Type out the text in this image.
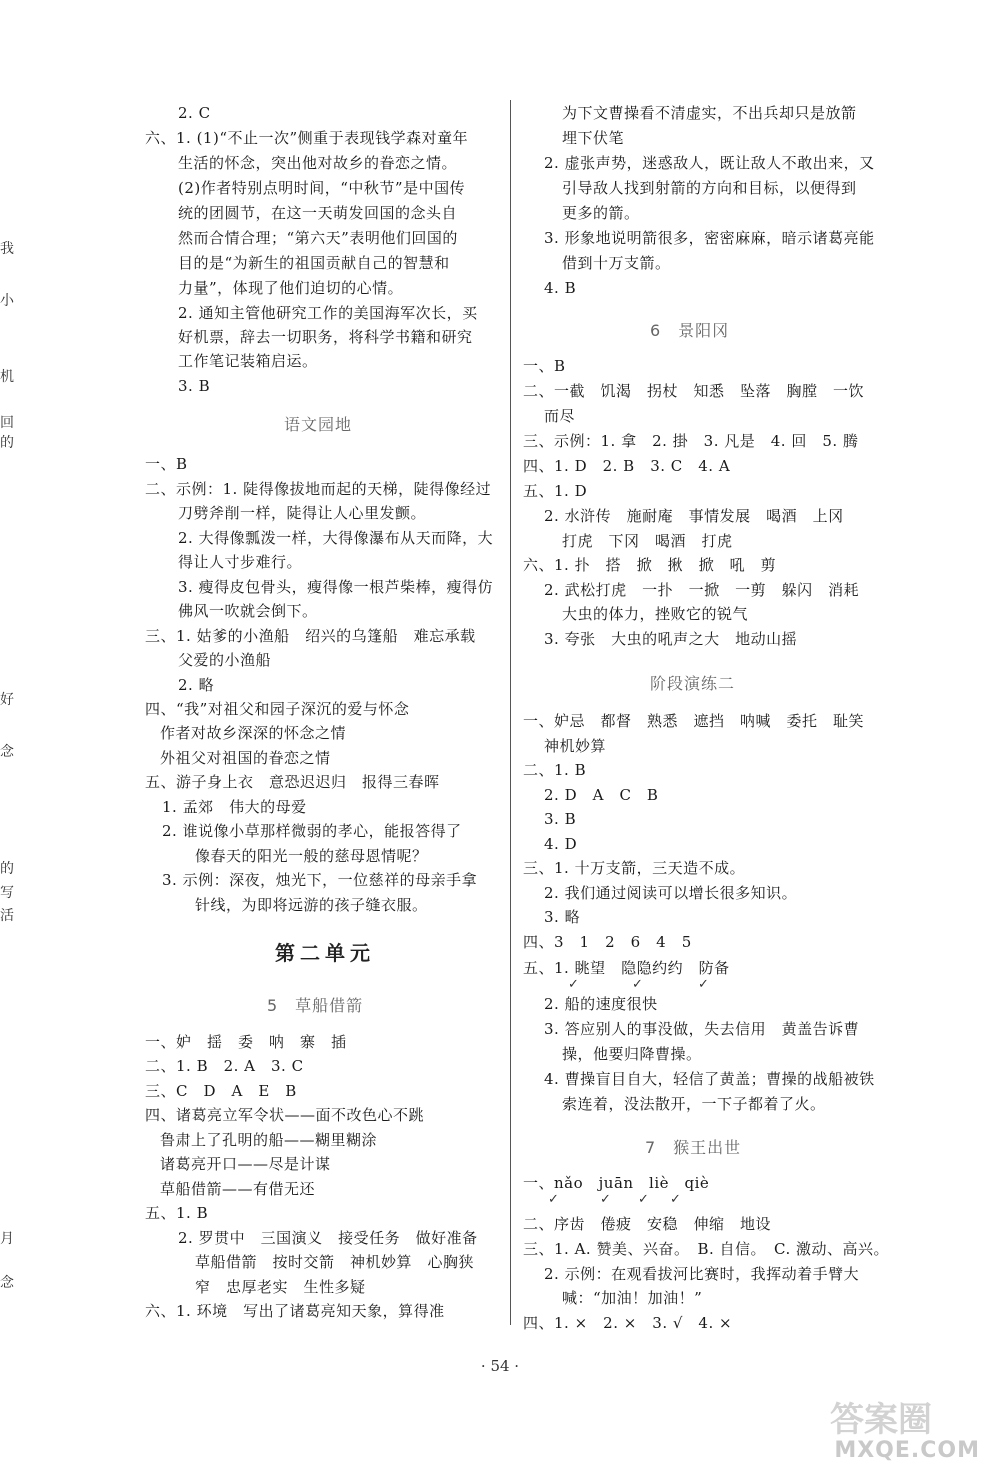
我
小
机
回
的
好
念
的
写
活
月
念
2. C
六、1. (1)“不止一次”侧重于表现钱学森对童年
生活的怀念，突出他对故乡的眷恋之情。
(2)作者特别点明时间，“中秋节”是中国传
统的团圆节，在这一天萌发回国的念头自
然而合情合理；“第六天”表明他们回国的
目的是“为新生的祖国贡献自己的智慧和
力量”，体现了他们迫切的心情。
2. 通知主管他研究工作的美国海军次长，买
好机票，辞去一切职务，将科学书籍和研究
工作笔记装箱启运。
3. B
一、B
二、示例：1. 陡得像拔地而起的天梯，陡得像经过
刀劈斧削一样，陡得让人心里发颤。
2. 大得像瓢泼一样，大得像瀑布从天而降，大
得让人寸步难行。
3. 瘦得皮包骨头，瘦得像一根芦柴棒，瘦得仿
佛风一吹就会倒下。
三、1. 姑爹的小渔船　绍兴的乌篷船　难忘承载
父爱的小渔船
2. 略
四、“我”对祖父和园子深沉的爱与怀念
作者对故乡深深的怀念之情
外祖父对祖国的眷恋之情
五、游子身上衣　意恐迟迟归　报得三春晖
1. 孟郊　伟大的母爱
2. 谁说像小草那样微弱的孝心，能报答得了
像春天的阳光一般的慈母恩情呢？
3. 示例：深夜，烛光下，一位慈祥的母亲手拿
针线，为即将远游的孩子缝衣服。
一、妒　揺　委　呐　寨　插
二、1. B　2. A　3. C
三、C　D　A　E　B
四、诸葛亮立军令状——面不改色心不跳
鲁肃上了孔明的船——糊里糊涂
诸葛亮开口——尽是计谋
草船借箭——有借无还
五、1. B
2. 罗贯中　三国演义　接受任务　做好准备
草船借箭　按时交箭　神机妙算　心胸狭
窄　忠厚老实　生性多疑
六、1. 环境　写出了诸葛亮知天象，算得准
语文园地
5　草船借箭
为下文曹操看不清虚实，不出兵却只是放箭
埋下伏笔
2. 虚张声势，迷惑敌人，既让敌人不敢出来，又
引导敌人找到射箭的方向和目标，以便得到
更多的箭。
3. 形象地说明箭很多，密密麻麻，暗示诸葛亮能
借到十万支箭。
4. B
一、B
二、一截　饥渴　拐杖　知悉　坠落　胸膛　一饮
而尽
三、示例：1. 拿　2. 掛　3. 凡是　4. 回　5. 腾
四、1. D　2. B　3. C　4. A
五、1. D
2. 水浒传　施耐庵　事情发展　喝酒　上冈
打虎　下冈　喝酒　打虎
六、1. 扑　搭　掀　揪　掀　吼　剪
2. 武松打虎　一扑　一掀　一剪　躲闪　消耗
大虫的体力，挫败它的锐气
3. 夸张　大虫的吼声之大　地动山摇
一、妒忌　都督　熟悉　遮挡　呐喊　委托　耻笑
神机妙算
二、1. B
2. D　A　C　B
3. B
4. D
三、1. 十万支箭，三天造不成。
2. 我们通过阅读可以增长很多知识。
3. 略
四、3　1　2　6　4　5
五、1. 眺望　隐隐约约　防备
2. 船的速度很快
3. 答应别人的事没做，失去信用　黄盖告诉曹
操，他要归降曹操。
4. 曹操盲目自大，轻信了黄盖；曹操的战船被铁
索连着，没法散开，一下子都着了火。
一、nǎo　juān　liè　qiè
二、序齿　倦疲　安稳　伸缩　地设
三、1. A. 赞美、兴奋。　B. 自信。　C. 激动、高兴。
2. 示例：在观看拔河比赛时，我挥动着手臂大
喊：“加油！加油！”
四、1. ×　2. ×　3. √　4. ×
6　景阳冈
阶段演练二
7　猴王出世
第二单元
· 54 ·
答案圈
MXQE.COM
✓	✓	✓
✓	✓ ✓ ✓
